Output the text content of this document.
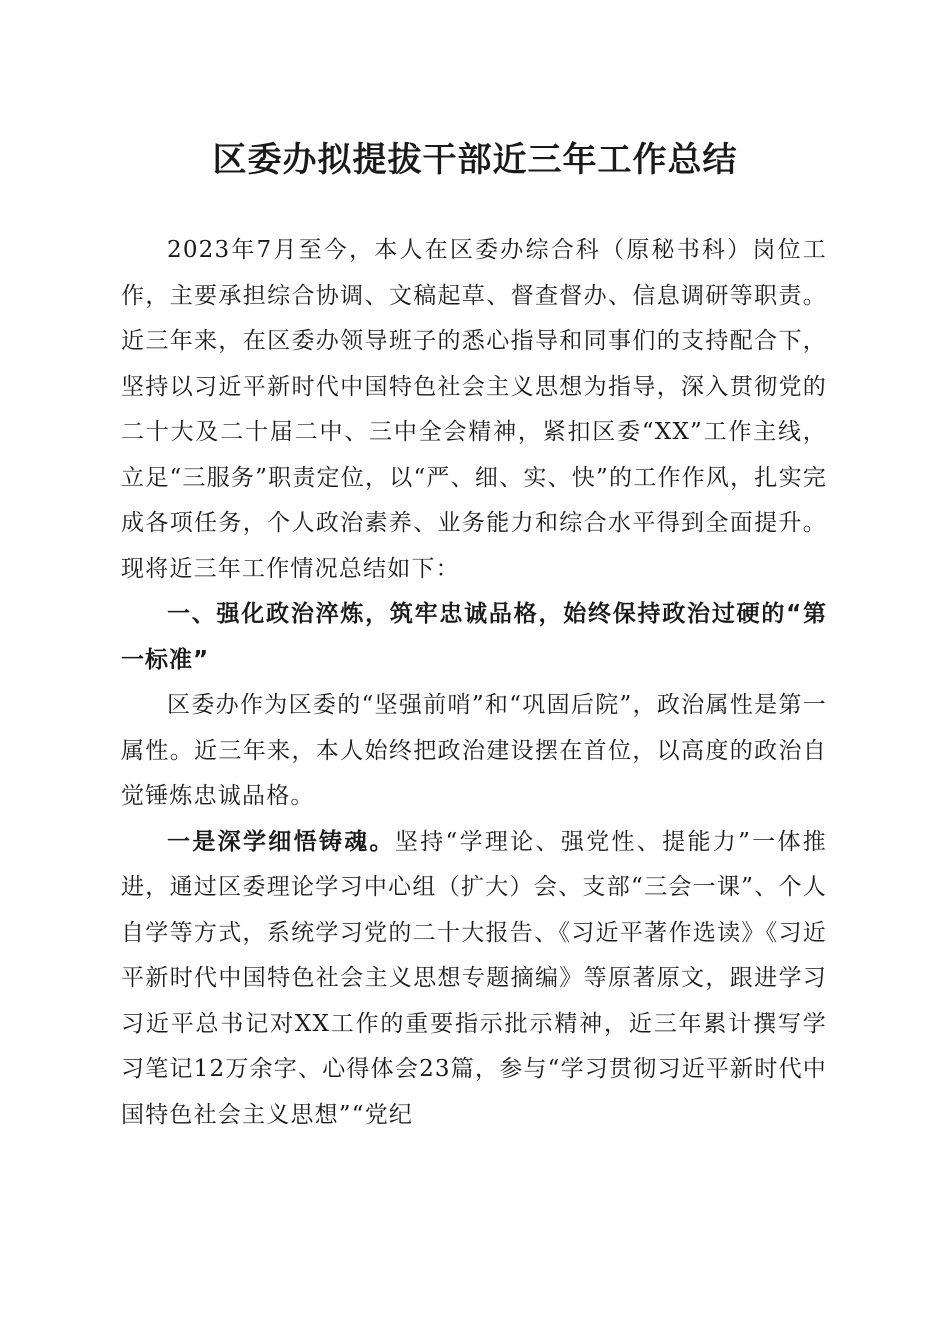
区委办拟提拔干部近三年工作总结

2023年7月至今，本人在区委办综合科（原秘书科）岗位工作，主要承担综合协调、文稿起草、督查督办、信息调研等职责。近三年来，在区委办领导班子的悉心指导和同事们的支持配合下，坚持以习近平新时代中国特色社会主义思想为指导，深入贯彻党的二十大及二十届二中、三中全会精神，紧扣区委“XX”工作主线，立足“三服务”职责定位，以“严、细、实、快”的工作作风，扎实完成各项任务，个人政治素养、业务能力和综合水平得到全面提升。现将近三年工作情况总结如下：

一、强化政治淬炼，筑牢忠诚品格，始终保持政治过硬的“第一标准”

区委办作为区委的“坚强前哨”和“巩固后院”，政治属性是第一属性。近三年来，本人始终把政治建设摆在首位，以高度的政治自觉锤炼忠诚品格。

一是深学细悟铸魂。坚持“学理论、强党性、提能力”一体推进，通过区委理论学习中心组（扩大）会、支部“三会一课”、个人自学等方式，系统学习党的二十大报告、《习近平著作选读》《习近平新时代中国特色社会主义思想专题摘编》等原著原文，跟进学习习近平总书记对XX工作的重要指示批示精神，近三年累计撰写学习笔记12万余字、心得体会23篇，参与“学习贯彻习近平新时代中国特色社会主义思想”“党纪
